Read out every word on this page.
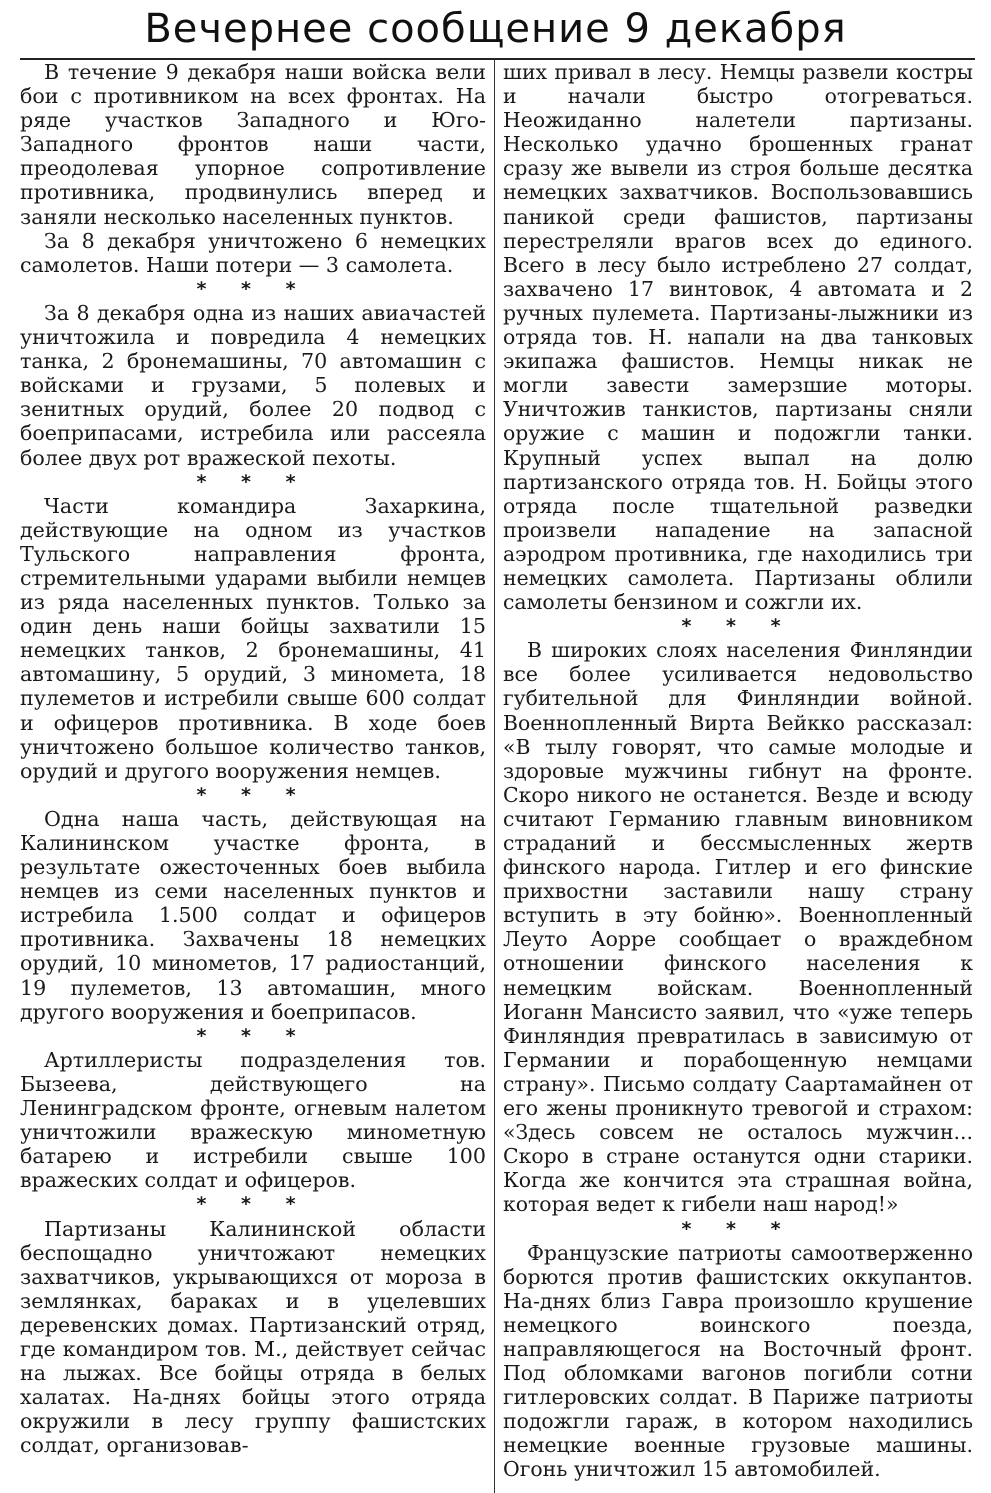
Вечернее сообщение 9 декабря

В течение 9 декабря наши войска вели бои с противником на всех фронтах. На ряде участков Западного и Юго-Западного фронтов наши части, преодолевая упорное сопротивление противника, продвинулись вперед и заняли несколько населенных пунктов.

За 8 декабря уничтожено 6 немецких самолетов. Наши потери — 3 самолета.

* * *

За 8 декабря одна из наших авиачастей уничтожила и повредила 4 немецких танка, 2 бронемашины, 70 автомашин с войсками и грузами, 5 полевых и зенитных орудий, более 20 подвод с боеприпасами, истребила или рассеяла более двух рот вражеской пехоты.

* * *

Части командира Захаркина, действующие на одном из участков Тульского направления фронта, стремительными ударами выбили немцев из ряда населенных пунктов. Только за один день наши бойцы захватили 15 немецких танков, 2 бронемашины, 41 автомашину, 5 орудий, 3 миномета, 18 пулеметов и истребили свыше 600 солдат и офицеров противника. В ходе боев уничтожено большое количество танков, орудий и другого вооружения немцев.

* * *

Одна наша часть, действующая на Калининском участке фронта, в результате ожесточенных боев выбила немцев из семи населенных пунктов и истребила 1.500 солдат и офицеров противника. Захвачены 18 немецких орудий, 10 минометов, 17 радиостанций, 19 пулеметов, 13 автомашин, много другого вооружения и боеприпасов.

* * *

Артиллеристы подразделения тов. Бызеева, действующего на Ленинградском фронте, огневым налетом уничтожили вражескую минометную батарею и истребили свыше 100 вражеских солдат и офицеров.

* * *

Партизаны Калининской области беспощадно уничтожают немецких захватчиков, укрывающихся от мороза в землянках, бараках и в уцелевших деревенских домах. Партизанский отряд, где командиром тов. М., действует сейчас на лыжах. Все бойцы отряда в белых халатах. На-днях бойцы этого отряда окружили в лесу группу фашистских солдат, организовав-

ших привал в лесу. Немцы развели костры и начали быстро отогреваться. Неожиданно налетели партизаны. Несколько удачно брошенных гранат сразу же вывели из строя больше десятка немецких захватчиков. Воспользовавшись паникой среди фашистов, партизаны перестреляли врагов всех до единого. Всего в лесу было истреблено 27 солдат, захвачено 17 винтовок, 4 автомата и 2 ручных пулемета. Партизаны-лыжники из отряда тов. Н. напали на два танковых экипажа фашистов. Немцы никак не могли завести замерзшие моторы. Уничтожив танкистов, партизаны сняли оружие с машин и подожгли танки. Крупный успех выпал на долю партизанского отряда тов. Н. Бойцы этого отряда после тщательной разведки произвели нападение на запасной аэродром противника, где находились три немецких самолета. Партизаны облили самолеты бензином и сожгли их.

* * *

В широких слоях населения Финляндии все более усиливается недовольство губительной для Финляндии войной. Военнопленный Вирта Вейкко рассказал: «В тылу говорят, что самые молодые и здоровые мужчины гибнут на фронте. Скоро никого не останется. Везде и всюду считают Германию главным виновником страданий и бессмысленных жертв финского народа. Гитлер и его финские прихвостни заставили нашу страну вступить в эту бойню». Военнопленный Леуто Аорре сообщает о враждебном отношении финского населения к немецким войскам. Военнопленный Иоганн Мансисто заявил, что «уже теперь Финляндия превратилась в зависимую от Германии и порабощенную немцами страну». Письмо солдату Саартамайнен от его жены проникнуто тревогой и страхом: «Здесь совсем не осталось мужчин... Скоро в стране останутся одни старики. Когда же кончится эта страшная война, которая ведет к гибели наш народ!»

* * *

Французские патриоты самоотверженно борются против фашистских оккупантов. На-днях близ Гавра произошло крушение немецкого воинского поезда, направляющегося на Восточный фронт. Под обломками вагонов погибли сотни гитлеровских солдат. В Париже патриоты подожгли гараж, в котором находились немецкие военные грузовые машины. Огонь уничтожил 15 автомобилей.
